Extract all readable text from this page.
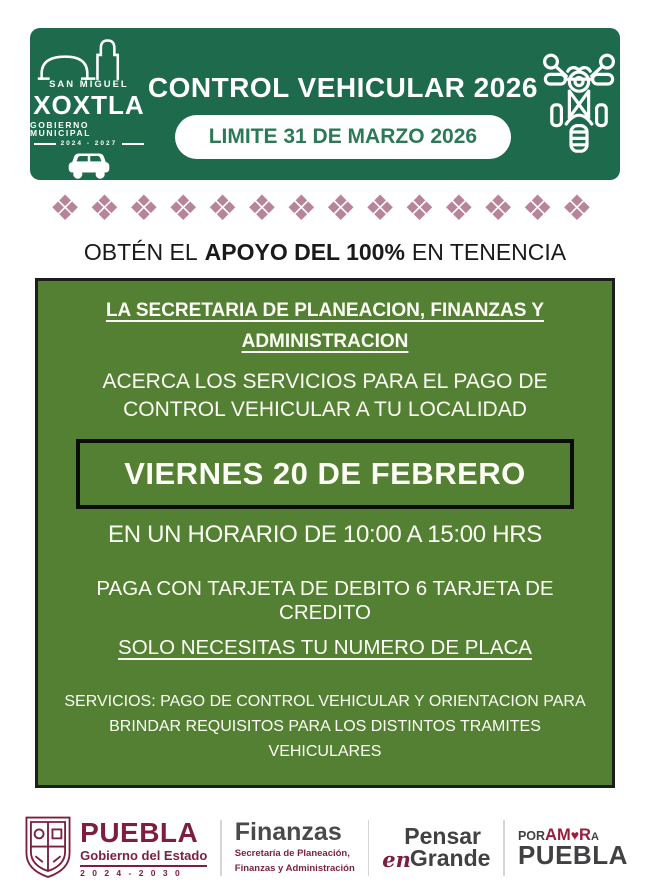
SAN MIGUEL
XOXTLA
GOBIERNO MUNICIPAL
2024 - 2027
CONTROL VEHICULAR 2026
LIMITE 31 DE MARZO 2026
❖❖❖❖❖❖❖❖❖❖❖❖❖❖
OBTÉN EL APOYO DEL 100% EN TENENCIA
LA SECRETARIA DE PLANEACION, FINANZAS Y
ADMINISTRACION
ACERCA LOS SERVICIOS PARA EL PAGO DE CONTROL VEHICULAR A TU LOCALIDAD
VIERNES 20 DE FEBRERO
EN UN HORARIO DE 10:00 A 15:00 HRS
PAGA CON TARJETA DE DEBITO 6 TARJETA DE CREDITO
SOLO NECESITAS TU NUMERO DE PLACA
SERVICIOS: PAGO DE CONTROL VEHICULAR Y ORIENTACION PARA BRINDAR REQUISITOS PARA LOS DISTINTOS TRAMITES VEHICULARES
PUEBLA
Gobierno del Estado
2 0 2 4 - 2 0 3 0
Finanzas
Secretaría de Planeación,
Finanzas y Administración
Pensar
en Grande
POR AM ♥ R A
PUEBLA
